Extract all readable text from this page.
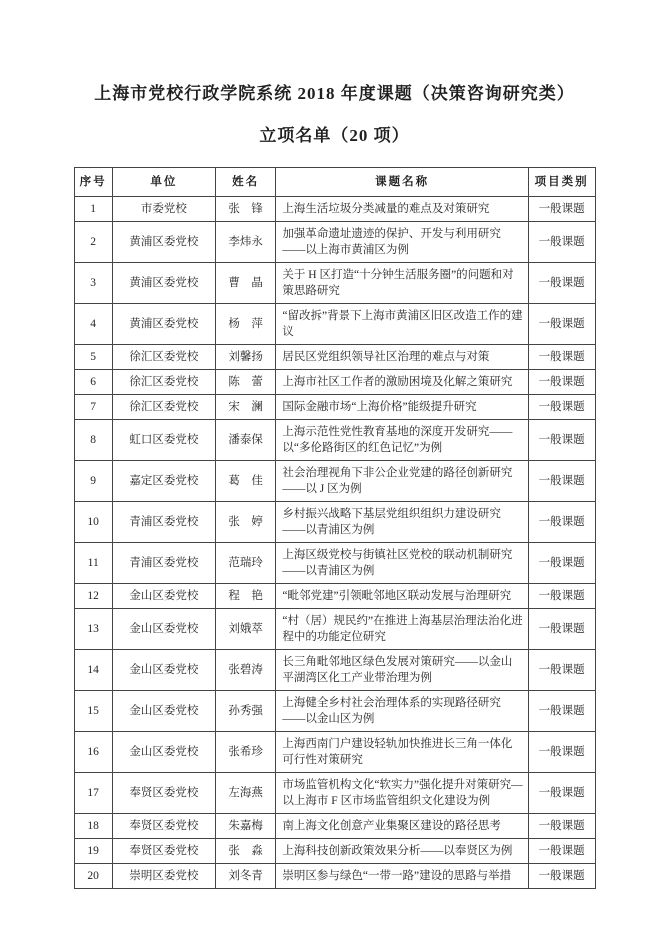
上海市党校行政学院系统 2018 年度课题（决策咨询研究类）
立项名单（20 项）
序号	单位	姓名	课题名称	项目类别
1	市委党校	张　锋	上海生活垃圾分类减量的难点及对策研究	一般课题
2	黄浦区委党校	李炜永	加强革命遗址遗迹的保护、开发与利用研究——以上海市黄浦区为例	一般课题
3	黄浦区委党校	曹　晶	关于 H 区打造“十分钟生活服务圈”的问题和对策思路研究	一般课题
4	黄浦区委党校	杨　萍	“留改拆”背景下上海市黄浦区旧区改造工作的建议	一般课题
5	徐汇区委党校	刘馨扬	居民区党组织领导社区治理的难点与对策	一般课题
6	徐汇区委党校	陈　蕾	上海市社区工作者的激励困境及化解之策研究	一般课题
7	徐汇区委党校	宋　澜	国际金融市场“上海价格”能级提升研究	一般课题
8	虹口区委党校	潘泰保	上海示范性党性教育基地的深度开发研究——以“多伦路街区的红色记忆”为例	一般课题
9	嘉定区委党校	葛　佳	社会治理视角下非公企业党建的路径创新研究——以 J 区为例	一般课题
10	青浦区委党校	张　婷	乡村振兴战略下基层党组织组织力建设研究——以青浦区为例	一般课题
11	青浦区委党校	范瑞玲	上海区级党校与街镇社区党校的联动机制研究——以青浦区为例	一般课题
12	金山区委党校	程　艳	“毗邻党建”引领毗邻地区联动发展与治理研究	一般课题
13	金山区委党校	刘娥萃	“村（居）规民约”在推进上海基层治理法治化进程中的功能定位研究	一般课题
14	金山区委党校	张碧涛	长三角毗邻地区绿色发展对策研究——以金山平湖湾区化工产业带治理为例	一般课题
15	金山区委党校	孙秀强	上海健全乡村社会治理体系的实现路径研究——以金山区为例	一般课题
16	金山区委党校	张希珍	上海西南门户建设轻轨加快推进长三角一体化可行性对策研究	一般课题
17	奉贤区委党校	左海燕	市场监管机构文化“软实力”强化提升对策研究—以上海市 F 区市场监管组织文化建设为例	一般课题
18	奉贤区委党校	朱嘉梅	南上海文化创意产业集聚区建设的路径思考	一般课题
19	奉贤区委党校	张　淼	上海科技创新政策效果分析——以奉贤区为例	一般课题
20	崇明区委党校	刘冬青	崇明区参与绿色“一带一路”建设的思路与举措	一般课题
